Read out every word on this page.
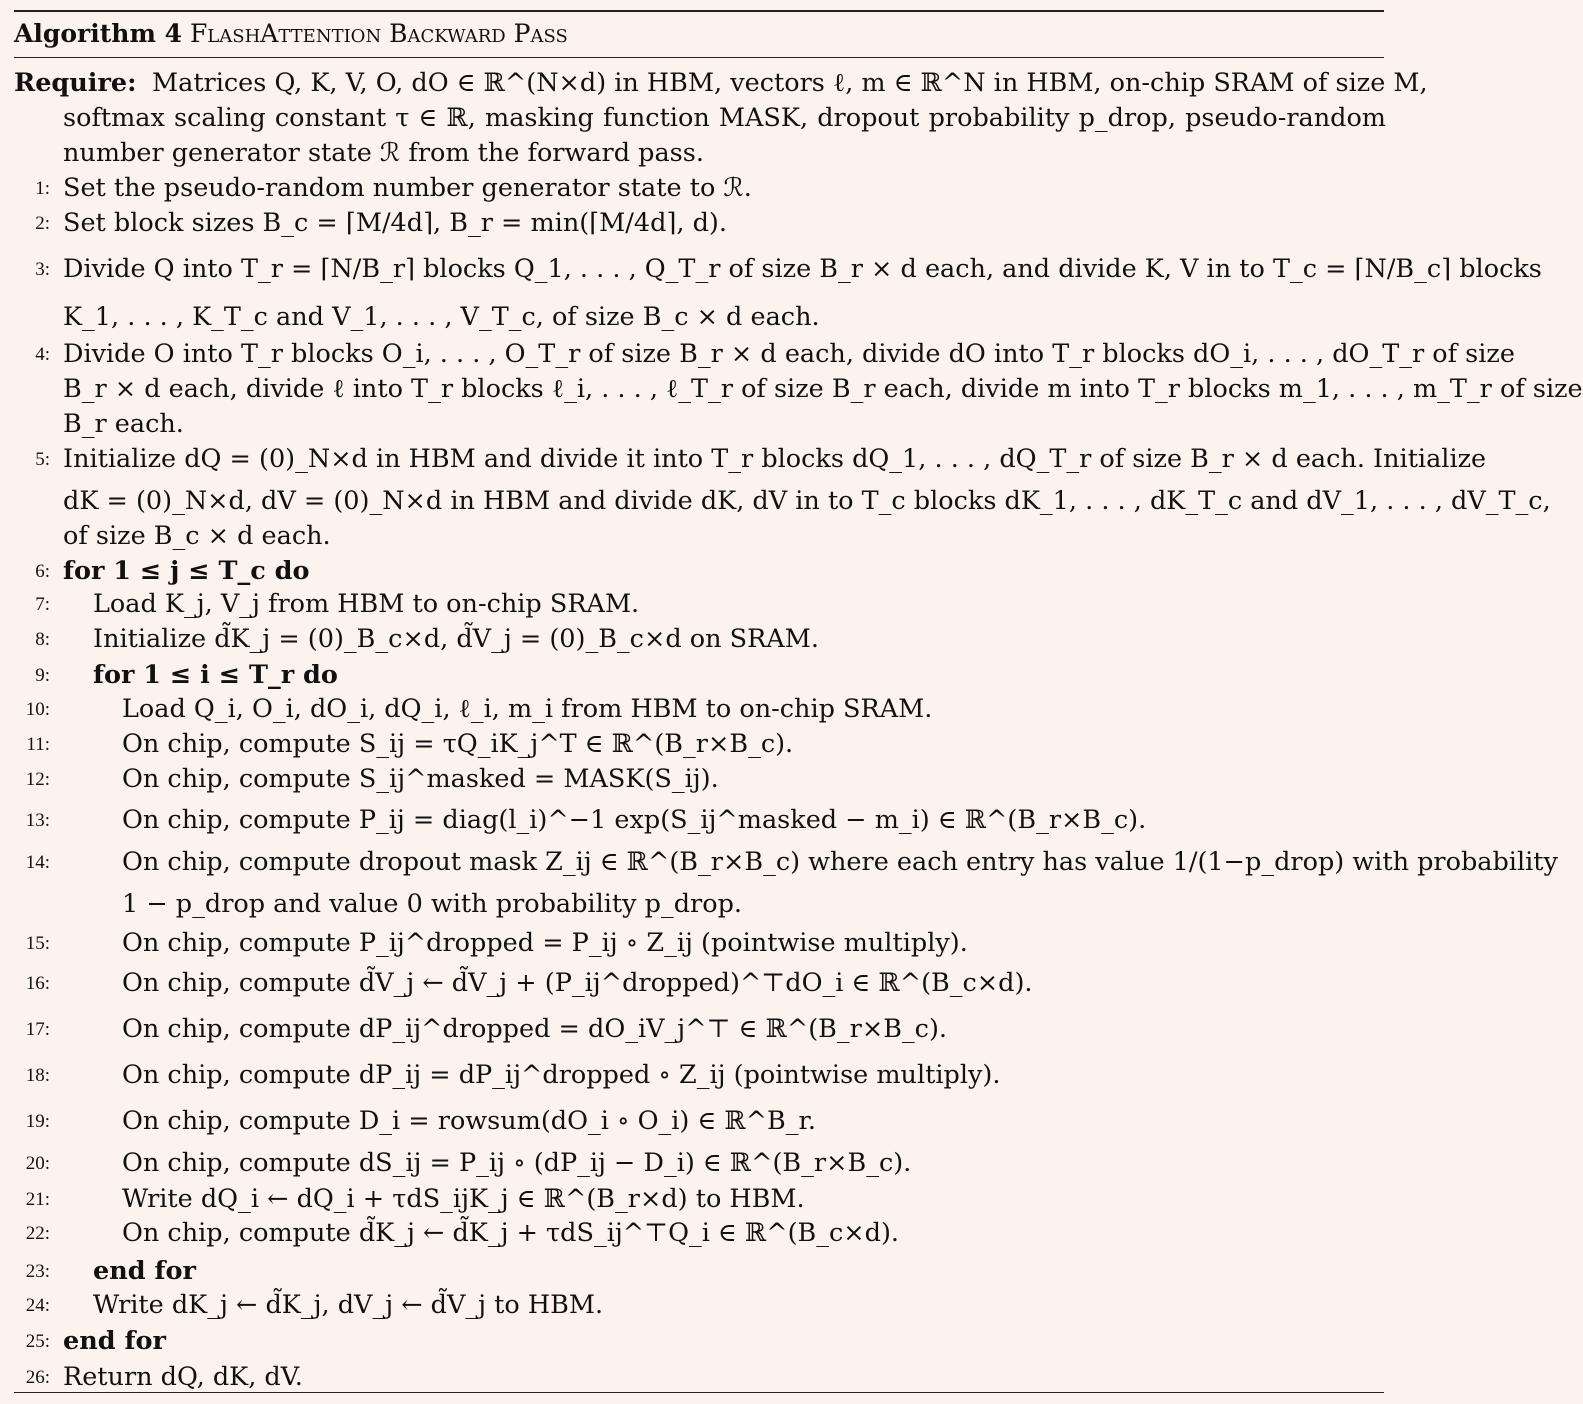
Algorithm 4 FlashAttention Backward Pass
Require: Matrices Q, K, V, O, dO ∈ ℝ^(N×d) in HBM, vectors ℓ, m ∈ ℝ^N in HBM, on-chip SRAM of size M,
softmax scaling constant τ ∈ ℝ, masking function MASK, dropout probability p_drop, pseudo-random
number generator state ℛ from the forward pass.
1: Set the pseudo-random number generator state to ℛ.
2: Set block sizes B_c = ⌈M/4d⌉, B_r = min(⌈M/4d⌉, d).
3: Divide Q into T_r = ⌈N/B_r⌉ blocks Q_1, . . . , Q_T_r of size B_r × d each, and divide K, V in to T_c = ⌈N/B_c⌉ blocks
K_1, . . . , K_T_c and V_1, . . . , V_T_c, of size B_c × d each.
4: Divide O into T_r blocks O_i, . . . , O_T_r of size B_r × d each, divide dO into T_r blocks dO_i, . . . , dO_T_r of size
B_r × d each, divide ℓ into T_r blocks ℓ_i, . . . , ℓ_T_r of size B_r each, divide m into T_r blocks m_1, . . . , m_T_r of size
B_r each.
5: Initialize dQ = (0)_N×d in HBM and divide it into T_r blocks dQ_1, . . . , dQ_T_r of size B_r × d each. Initialize
dK = (0)_N×d, dV = (0)_N×d in HBM and divide dK, dV in to T_c blocks dK_1, . . . , dK_T_c and dV_1, . . . , dV_T_c,
of size B_c × d each.
6: for 1 ≤ j ≤ T_c do
7: Load K_j, V_j from HBM to on-chip SRAM.
8: Initialize d̃K_j = (0)_B_c×d, d̃V_j = (0)_B_c×d on SRAM.
9: for 1 ≤ i ≤ T_r do
10:	Load Q_i, O_i, dO_i, dQ_i, ℓ_i, m_i from HBM to on-chip SRAM.
11:	On chip, compute S_ij = τQ_iK_j^T ∈ ℝ^(B_r×B_c).
12:	On chip, compute S_ij^masked = MASK(S_ij).
13:	On chip, compute P_ij = diag(l_i)^−1 exp(S_ij^masked − m_i) ∈ ℝ^(B_r×B_c).
14:	On chip, compute dropout mask Z_ij ∈ ℝ^(B_r×B_c) where each entry has value 1/(1−p_drop) with probability
1 − p_drop and value 0 with probability p_drop.
15:	On chip, compute P_ij^dropped = P_ij ∘ Z_ij (pointwise multiply).
16:	On chip, compute d̃V_j ← d̃V_j + (P_ij^dropped)^⊤dO_i ∈ ℝ^(B_c×d).
17:	On chip, compute dP_ij^dropped = dO_iV_j^⊤ ∈ ℝ^(B_r×B_c).
18:	On chip, compute dP_ij = dP_ij^dropped ∘ Z_ij (pointwise multiply).
19:	On chip, compute D_i = rowsum(dO_i ∘ O_i) ∈ ℝ^B_r.
20:	On chip, compute dS_ij = P_ij ∘ (dP_ij − D_i) ∈ ℝ^(B_r×B_c).
21:	Write dQ_i ← dQ_i + τdS_ijK_j ∈ ℝ^(B_r×d) to HBM.
22:	On chip, compute d̃K_j ← d̃K_j + τdS_ij^⊤Q_i ∈ ℝ^(B_c×d).
23: end for
24: Write dK_j ← d̃K_j, dV_j ← d̃V_j to HBM.
25: end for
26: Return dQ, dK, dV.
